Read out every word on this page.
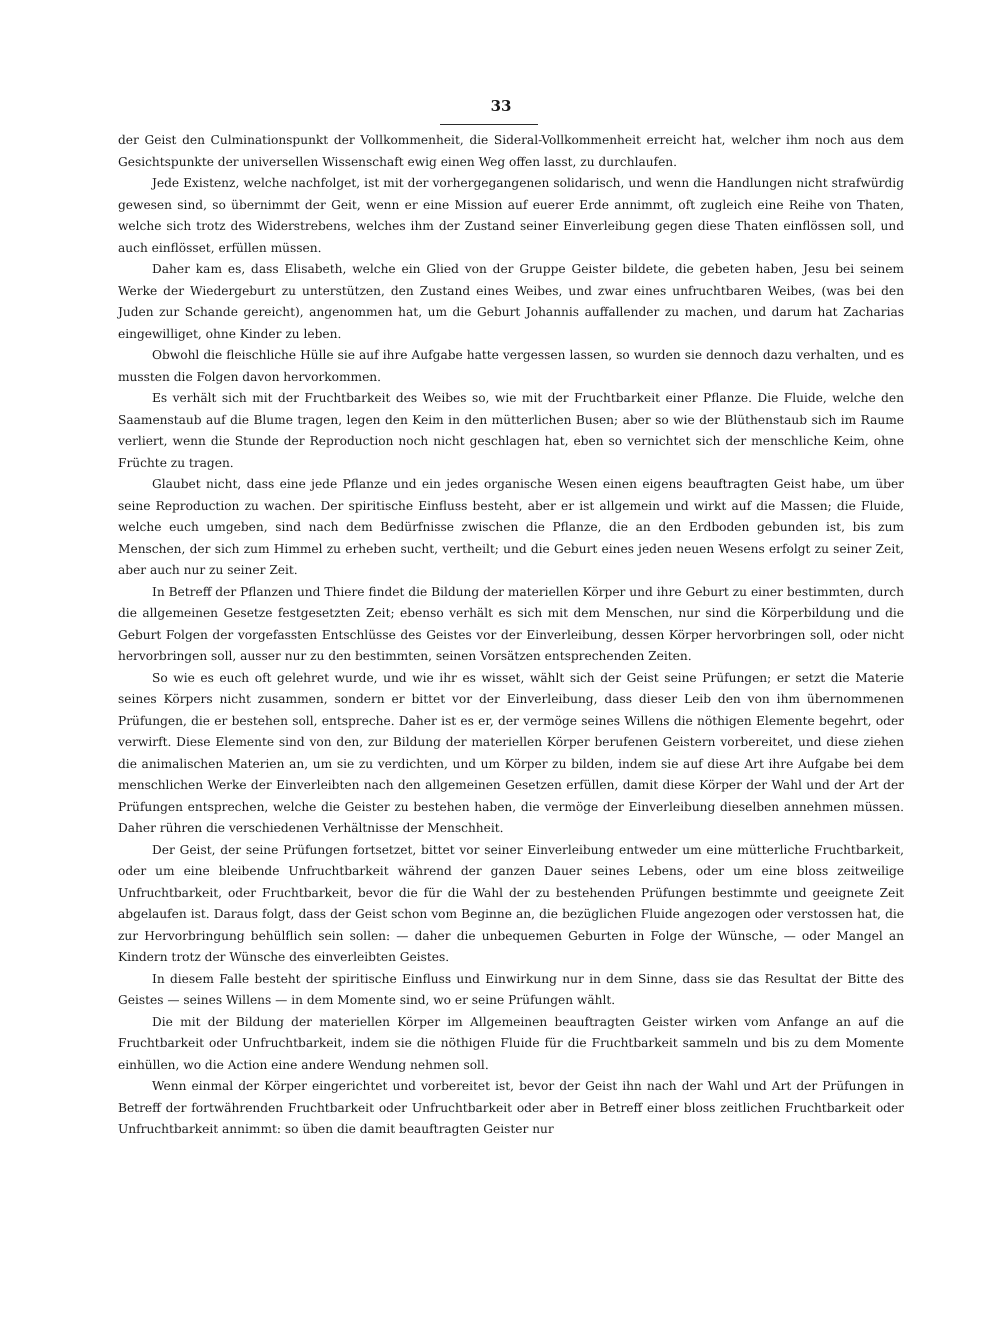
33

der Geist den Culminationspunkt der Vollkommenheit, die Sideral-Vollkommenheit erreicht hat, welcher ihm noch aus dem Gesichtspunkte der universellen Wissenschaft ewig einen Weg offen lasst, zu durchlaufen.

Jede Existenz, welche nachfolget, ist mit der vorhergegangenen solidarisch, und wenn die Handlungen nicht strafwürdig gewesen sind, so übernimmt der Geit, wenn er eine Mission auf euerer Erde annimmt, oft zugleich eine Reihe von Thaten, welche sich trotz des Widerstrebens, welches ihm der Zustand seiner Einverleibung gegen diese Thaten einflössen soll, und auch einflösset, erfüllen müssen.

Daher kam es, dass Elisabeth, welche ein Glied von der Gruppe Geister bildete, die gebeten haben, Jesu bei seinem Werke der Wiedergeburt zu unterstützen, den Zustand eines Weibes, und zwar eines unfruchtbaren Weibes, (was bei den Juden zur Schande gereicht), angenommen hat, um die Geburt Johannis auffallender zu machen, und darum hat Zacharias eingewilliget, ohne Kinder zu leben.

Obwohl die fleischliche Hülle sie auf ihre Aufgabe hatte vergessen lassen, so wurden sie dennoch dazu verhalten, und es mussten die Folgen davon hervorkommen.

Es verhält sich mit der Fruchtbarkeit des Weibes so, wie mit der Fruchtbarkeit einer Pflanze. Die Fluide, welche den Saamenstaub auf die Blume tragen, legen den Keim in den mütterlichen Busen; aber so wie der Blüthenstaub sich im Raume verliert, wenn die Stunde der Reproduction noch nicht geschlagen hat, eben so vernichtet sich der menschliche Keim, ohne Früchte zu tragen.

Glaubet nicht, dass eine jede Pflanze und ein jedes organische Wesen einen eigens beauftragten Geist habe, um über seine Reproduction zu wachen. Der spiritische Einfluss besteht, aber er ist allgemein und wirkt auf die Massen; die Fluide, welche euch umgeben, sind nach dem Bedürfnisse zwischen die Pflanze, die an den Erdboden gebunden ist, bis zum Menschen, der sich zum Himmel zu erheben sucht, vertheilt; und die Geburt eines jeden neuen Wesens erfolgt zu seiner Zeit, aber auch nur zu seiner Zeit.

In Betreff der Pflanzen und Thiere findet die Bildung der materiellen Körper und ihre Geburt zu einer bestimmten, durch die allgemeinen Gesetze festgesetzten Zeit; ebenso verhält es sich mit dem Menschen, nur sind die Körperbildung und die Geburt Folgen der vorgefassten Entschlüsse des Geistes vor der Einverleibung, dessen Körper hervorbringen soll, oder nicht hervorbringen soll, ausser nur zu den bestimmten, seinen Vorsätzen entsprechenden Zeiten.

So wie es euch oft gelehret wurde, und wie ihr es wisset, wählt sich der Geist seine Prüfungen; er setzt die Materie seines Körpers nicht zusammen, sondern er bittet vor der Einverleibung, dass dieser Leib den von ihm übernommenen Prüfungen, die er bestehen soll, entspreche. Daher ist es er, der vermöge seines Willens die nöthigen Elemente begehrt, oder verwirft. Diese Elemente sind von den, zur Bildung der materiellen Körper berufenen Geistern vorbereitet, und diese ziehen die animalischen Materien an, um sie zu verdichten, und um Körper zu bilden, indem sie auf diese Art ihre Aufgabe bei dem menschlichen Werke der Einverleibten nach den allgemeinen Gesetzen erfüllen, damit diese Körper der Wahl und der Art der Prüfungen entsprechen, welche die Geister zu bestehen haben, die vermöge der Einverleibung dieselben annehmen müssen. Daher rühren die verschiedenen Verhältnisse der Menschheit.

Der Geist, der seine Prüfungen fortsetzet, bittet vor seiner Einverleibung entweder um eine mütterliche Fruchtbarkeit, oder um eine bleibende Unfruchtbarkeit während der ganzen Dauer seines Lebens, oder um eine bloss zeitweilige Unfruchtbarkeit, oder Fruchtbarkeit, bevor die für die Wahl der zu bestehenden Prüfungen bestimmte und geeignete Zeit abgelaufen ist. Daraus folgt, dass der Geist schon vom Beginne an, die bezüglichen Fluide angezogen oder verstossen hat, die zur Hervorbringung behülflich sein sollen: — daher die unbequemen Geburten in Folge der Wünsche, — oder Mangel an Kindern trotz der Wünsche des einverleibten Geistes.

In diesem Falle besteht der spiritische Einfluss und Einwirkung nur in dem Sinne, dass sie das Resultat der Bitte des Geistes — seines Willens — in dem Momente sind, wo er seine Prüfungen wählt.

Die mit der Bildung der materiellen Körper im Allgemeinen beauftragten Geister wirken vom Anfange an auf die Fruchtbarkeit oder Unfruchtbarkeit, indem sie die nöthigen Fluide für die Fruchtbarkeit sammeln und bis zu dem Momente einhüllen, wo die Action eine andere Wendung nehmen soll.

Wenn einmal der Körper eingerichtet und vorbereitet ist, bevor der Geist ihn nach der Wahl und Art der Prüfungen in Betreff der fortwährenden Fruchtbarkeit oder Unfruchtbarkeit oder aber in Betreff einer bloss zeitlichen Fruchtbarkeit oder Unfruchtbarkeit annimmt: so üben die damit beauftragten Geister nur
